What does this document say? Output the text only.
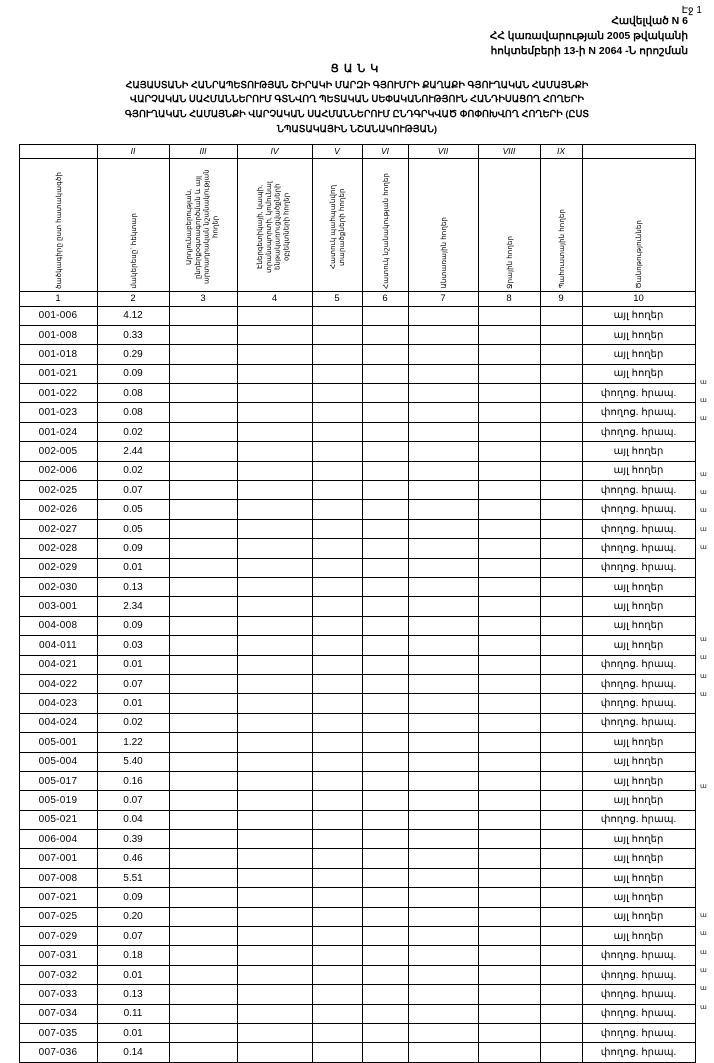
Էջ 1
Հավելված N 6
ՀՀ կառավարության 2005 թվականի
հոկտեմբերի 13-ի N 2064 -Ն որոշման
ՑԱՆԿ
ՀԱՅԱՍՏԱՆԻ ՀԱՆՐԱՊԵՏՈՒԹՅԱՆ ՇԻՐԱԿԻ ՄԱՐԶԻ ԳՅՈՒՄՐԻ ՔԱՂԱՔԻ ԳՅՈՒՂԱԿԱՆ ՀԱՄԱՅՆՔԻ
ՎԱՐՉԱԿԱՆ ՍԱՀՄԱՆՆԵՐՈՒՄ ԳՏՆՎՈՂ ՊԵՏԱԿԱՆ ՍԵՓԱԿԱՆՈՒԹՅՈՒՆ ՀԱՆԴԻՍԱՑՈՂ ՀՈՂԵՐԻ
ԳՅՈՒՂԱԿԱՆ ՀԱՄԱՅՆՔԻ ՎԱՐՉԱԿԱՆ ՍԱՀՄԱՆՆԵՐՈՒՄ ԸՆԴԳՐԿՎԱԾ ՓՈՓՈԽՎՈՂ ՀՈՂԵՐԻ (ԸՍՏ
ՆՊԱՏԱԿԱՅԻՆ ՆՇԱՆԱԿՈՒԹՅԱՆ)
	II	III	IV	V	VI	VII	VIII	IX	

ծածկագիրը ըստ հատակագծի	մակերեսը` հեկտար	Արդյունաբերության, ընդերքօգտագործման և այլ արտադրական նշանակության հողեր	Էներգետիկայի, կապի, տրանսպորտի, կոմունալ ենթակառուցվածքների օբյեկտների հողեր	Հատուկ պահպանվող տարածքների հողեր	Հատուկ նշանակության հողեր	Անտառային հողեր	Ջրային հողեր	Պահուստային հողեր	Ծանոթություններ

1	2	3	4	5	6	7	8	9	10
001-006	4.12								այլ հողեր
001-008	0.33								այլ հողեր
001-018	0.29								այլ հողեր
001-021	0.09								այլ հողեր
001-022	0.08								փողոց. հրապ.
001-023	0.08								փողոց. հրապ.
001-024	0.02								փողոց. հրապ.
002-005	2.44								այլ հողեր
002-006	0.02								այլ հողեր
002-025	0.07								փողոց. հրապ.
002-026	0.05								փողոց. հրապ.
002-027	0.05								փողոց. հրապ.
002-028	0.09								փողոց. հրապ.
002-029	0.01								փողոց. հրապ.
002-030	0.13								այլ հողեր
003-001	2.34								այլ հողեր
004-008	0.09								այլ հողեր
004-011	0.03								այլ հողեր
004-021	0.01								փողոց. հրապ.
004-022	0.07								փողոց. հրապ.
004-023	0.01								փողոց. հրապ.
004-024	0.02								փողոց. հրապ.
005-001	1.22								այլ հողեր
005-004	5.40								այլ հողեր
005-017	0.16								այլ հողեր
005-019	0.07								այլ հողեր
005-021	0.04								փողոց. հրապ.
006-004	0.39								այլ հողեր
007-001	0.46								այլ հողեր
007-008	5.51								այլ հողեր
007-021	0.09								այլ հողեր
007-025	0.20								այլ հողեր
007-029	0.07								այլ հողեր
007-031	0.18								փողոց. հրապ.
007-032	0.01								փողոց. հրապ.
007-033	0.13								փողոց. հրապ.
007-034	0.11								փողոց. հրապ.
007-035	0.01								փողոց. հրապ.
007-036	0.14								փողոց. հրապ.
ա
ա
ա
ա
ա
ա
ա
ա
ա
ա
ա
ա
ա
ա
ա
ա
ա
ա
ա
